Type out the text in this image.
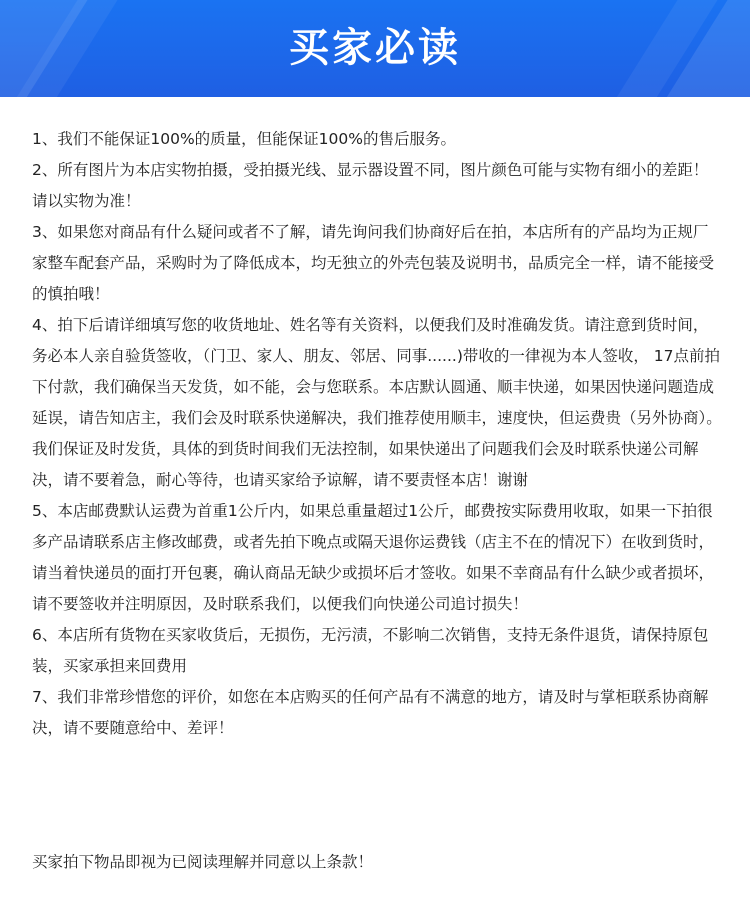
买家必读

1、我们不能保证100%的质量，但能保证100%的售后服务。

2、所有图片为本店实物拍摄，受拍摄光线、显示器设置不同，图片颜色可能与实物有细小的差距！请以实物为准！

3、如果您对商品有什么疑问或者不了解，请先询问我们协商好后在拍，本店所有的产品均为正规厂家整车配套产品，采购时为了降低成本，均无独立的外壳包装及说明书，品质完全一样，请不能接受的慎拍哦！

4、拍下后请详细填写您的收货地址、姓名等有关资料，以便我们及时准确发货。请注意到货时间，务必本人亲自验货签收，（门卫、家人、朋友、邻居、同事......)带收的一律视为本人签收， 17点前拍下付款，我们确保当天发货，如不能，会与您联系。本店默认圆通、顺丰快递，如果因快递问题造成延误，请告知店主，我们会及时联系快递解决，我们推荐使用顺丰，速度快，但运费贵（另外协商）。我们保证及时发货，具体的到货时间我们无法控制，如果快递出了问题我们会及时联系快递公司解决，请不要着急，耐心等待，也请买家给予谅解，请不要责怪本店！谢谢

5、本店邮费默认运费为首重1公斤内，如果总重量超过1公斤，邮费按实际费用收取，如果一下拍很多产品请联系店主修改邮费，或者先拍下晚点或隔天退你运费钱（店主不在的情况下）在收到货时，请当着快递员的面打开包裹，确认商品无缺少或损坏后才签收。如果不幸商品有什么缺少或者损坏，请不要签收并注明原因，及时联系我们，以便我们向快递公司追讨损失！

6、本店所有货物在买家收货后，无损伤，无污渍，不影响二次销售，支持无条件退货，请保持原包装，买家承担来回费用

7、我们非常珍惜您的评价，如您在本店购买的任何产品有不满意的地方，请及时与掌柜联系协商解决，请不要随意给中、差评！

买家拍下物品即视为已阅读理解并同意以上条款！
